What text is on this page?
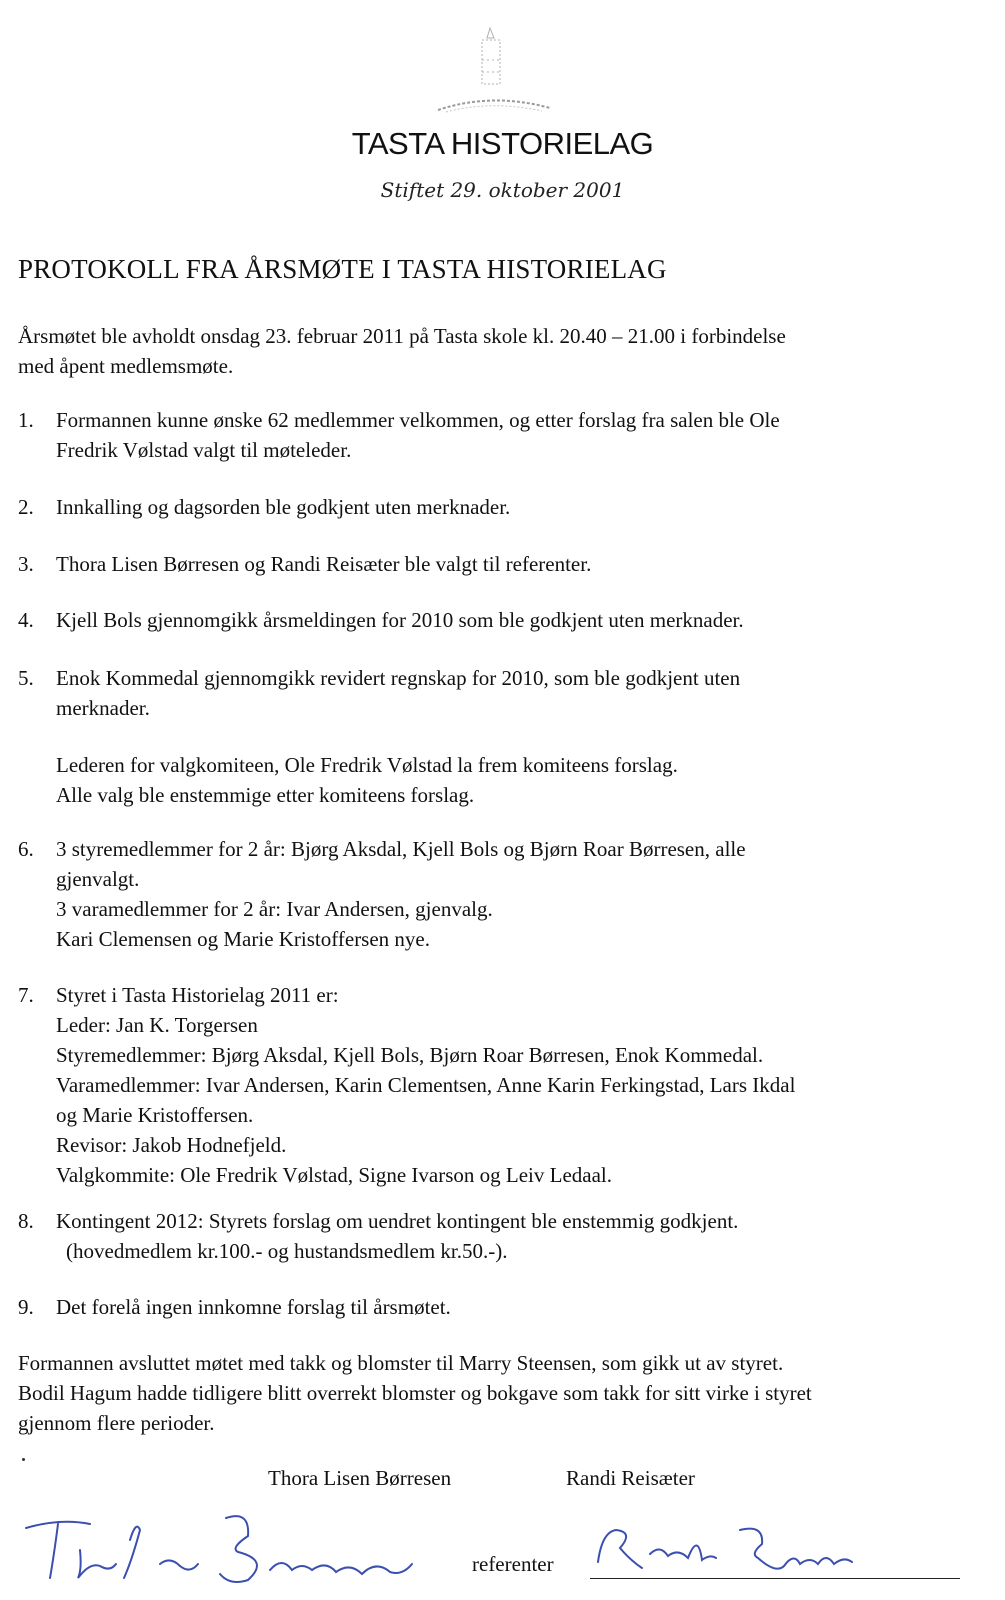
TASTA HISTORIELAG
Stiftet 29. oktober 2001
PROTOKOLL FRA ÅRSMØTE I TASTA HISTORIELAG
Årsmøtet ble avholdt onsdag 23. februar 2011 på Tasta skole kl. 20.40 – 21.00 i forbindelse
med åpent medlemsmøte.
1. Formannen kunne ønske 62 medlemmer velkommen, og etter forslag fra salen ble Ole
Fredrik Vølstad valgt til møteleder.
2. Innkalling og dagsorden ble godkjent uten merknader.
3. Thora Lisen Børresen og Randi Reisæter ble valgt til referenter.
4. Kjell Bols gjennomgikk årsmeldingen for 2010 som ble godkjent uten merknader.
5. Enok Kommedal gjennomgikk revidert regnskap for 2010, som ble godkjent uten
merknader.
Lederen for valgkomiteen, Ole Fredrik Vølstad la frem komiteens forslag.
Alle valg ble enstemmige etter komiteens forslag.
6. 3 styremedlemmer for 2 år: Bjørg Aksdal, Kjell Bols og Bjørn Roar Børresen, alle
gjenvalgt.
3 varamedlemmer for 2 år: Ivar Andersen, gjenvalg.
Kari Clemensen og Marie Kristoffersen nye.
7. Styret i Tasta Historielag 2011 er:
Leder: Jan K. Torgersen
Styremedlemmer: Bjørg Aksdal, Kjell Bols, Bjørn Roar Børresen, Enok Kommedal.
Varamedlemmer: Ivar Andersen, Karin Clementsen, Anne Karin Ferkingstad, Lars Ikdal
og Marie Kristoffersen.
Revisor: Jakob Hodnefjeld.
Valgkommite: Ole Fredrik Vølstad, Signe Ivarson og Leiv Ledaal.
8. Kontingent 2012: Styrets forslag om uendret kontingent ble enstemmig godkjent.
(hovedmedlem kr.100.- og hustandsmedlem kr.50.-).
9. Det forelå ingen innkomne forslag til årsmøtet.
Formannen avsluttet møtet med takk og blomster til Marry Steensen, som gikk ut av styret.
Bodil Hagum hadde tidligere blitt overrekt blomster og bokgave som takk for sitt virke i styret
gjennom flere perioder.
Thora Lisen Børresen	Randi Reisæter
referenter
